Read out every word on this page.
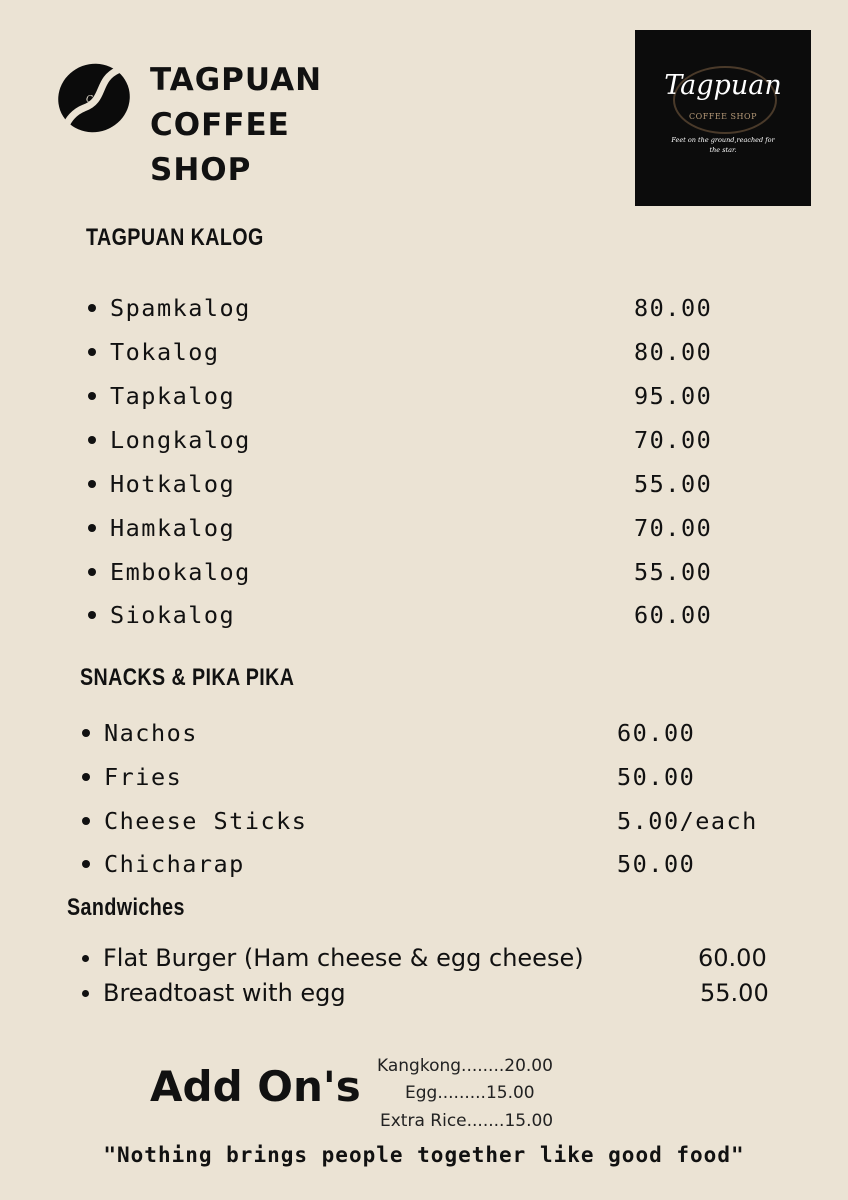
C
TAGPUAN
COFFEE
SHOP
Tagpuan
COFFEE SHOP
Feet on the ground,reached for the star.
TAGPUAN KALOG
Spamkalog	80.00
Tokalog	80.00
Tapkalog	95.00
Longkalog	70.00
Hotkalog	55.00
Hamkalog	70.00
Embokalog	55.00
Siokalog	60.00
SNACKS & PIKA PIKA
Nachos	60.00
Fries	50.00
Cheese Sticks	5.00/each
Chicharap	50.00
Sandwiches
Flat Burger (Ham cheese & egg cheese)	60.00
Breadtoast with egg	55.00
Add On's Kangkong........20.00
Egg.........15.00
Extra Rice.......15.00
"Nothing brings people together like good food"
